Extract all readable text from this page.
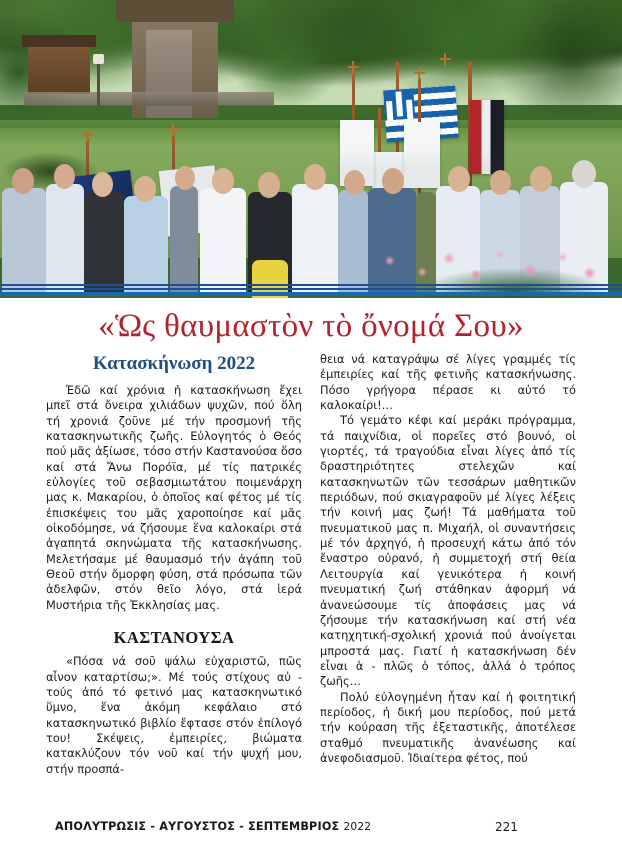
«Ὡς θαυμαστὸν τὸ ὄνομά Σου»
Κατασκήνωση 2022

Ἐδῶ καί χρόνια ἡ κατασκήνωση ἔχει μπεῖ στά ὄνειρα χιλιάδων ψυχῶν, πού ὅλη τή χρονιά ζοῦνε μέ τήν προσμονή τῆς κατασκηνωτικῆς ζωῆς. Εὐλογητός ὁ Θεός πού μᾶς ἀξίωσε, τόσο στήν Καστανούσα ὅσο καί στά Ἄνω Πορόϊα, μέ τίς πατρικές εὐλογίες τοῦ σεβασμιωτάτου ποιμενάρχη μας κ. Μακαρίου, ὁ ὁποῖος καί φέτος μέ τίς ἐπισκέψεις του μᾶς χαροποίησε καί μᾶς οἰκοδόμησε, νά ζήσουμε ἕνα καλοκαίρι στά ἀγαπητά σκηνώματα τῆς κατασκήνωσης. Μελετήσαμε μέ θαυμασμό τήν ἀγάπη τοῦ Θεοῦ στήν ὄμορφη φύση, στά πρόσωπα τῶν ἀδελφῶν, στόν θεῖο λόγο, στά ἱερά Μυστήρια τῆς Ἐκκλησίας μας.

ΚΑΣΤΑΝΟΥΣΑ

«Πόσα νά σοῦ ψάλω εὐχαριστῶ, πῶς αἶνον καταρτίσω;». Μέ τούς στίχους αὐ - τούς ἀπό τό φετινό μας κατασκηνωτικό ὕμνο, ἕνα ἀκόμη κεφάλαιο στό κατασκηνωτικό βιβλίο ἔφτασε στόν ἐπίλογό του! Σκέψεις, ἐμπειρίες, βιώματα κατακλύζουν τόν νοῦ καί τήν ψυχή μου, στήν προσπά-

θεια νά καταγράψω σέ λίγες γραμμές τίς ἐμπειρίες καί τῆς φετινῆς κατασκήνωσης. Πόσο γρήγορα πέρασε κι αὐτό τό καλοκαίρι!…

Τό γεμάτο κέφι καί μεράκι πρόγραμμα, τά παιχνίδια, οἱ πορεῖες στό βουνό, οἱ γιορτές, τά τραγούδια εἶναι λίγες ἀπό τίς δραστηριότητες στελεχῶν καί κατασκηνωτῶν τῶν τεσσάρων μαθητικῶν περιόδων, πού σκιαγραφοῦν μέ λίγες λέξεις τήν κοινή μας ζωή! Τά μαθήματα τοῦ πνευματικοῦ μας π. Μιχαήλ, οἱ συναντήσεις μέ τόν ἀρχηγό, ἡ προσευχή κάτω ἀπό τόν ἔναστρο οὐρανό, ἡ συμμετοχή στή θεία Λειτουργία καί γενικότερα ἡ κοινή πνευματική ζωή στάθηκαν ἀφορμή νά ἀνανεώσουμε τίς ἀποφάσεις μας νά ζήσουμε τήν κατασκήνωση καί στή νέα κατηχητική-σχολική χρονιά πού ἀνοίγεται μπροστά μας. Γιατί ἡ κατασκήνωση δέν εἶναι ἁ - πλῶς ὁ τόπος, ἀλλά ὁ τρόπος ζωῆς…

Πολύ εὐλογημένη ἦταν καί ἡ φοιτητική περίοδος, ἡ δική μου περίοδος, πού μετά τήν κούραση τῆς ἐξεταστικῆς, ἀποτέλεσε σταθμό πνευματικῆς ἀνανέωσης καί ἀνεφοδιασμοῦ. Ἰδιαίτερα φέτος, πού

ΑΠΟΛΥΤΡΩΣΙΣ - ΑΥΓΟΥΣΤΟΣ - ΣΕΠΤΕΜΒΡΙΟΣ 2022	221
